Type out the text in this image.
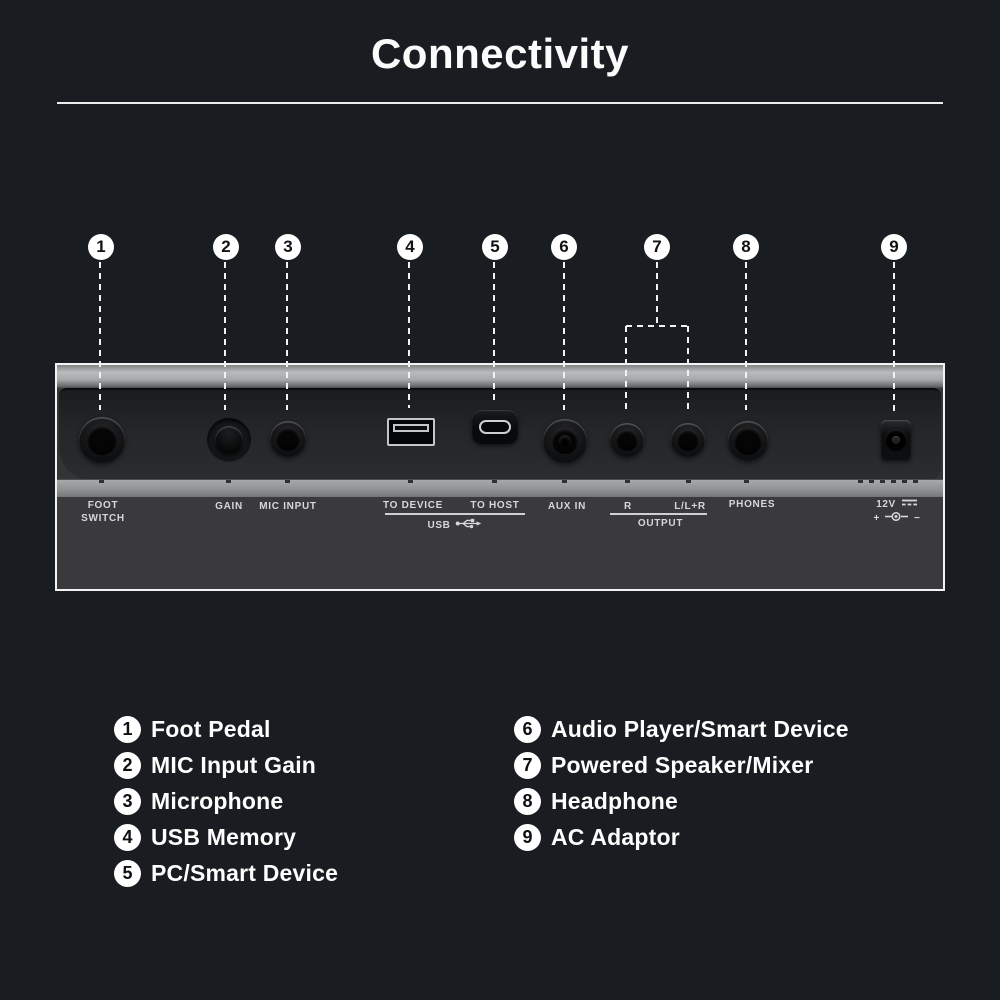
Connectivity
1	2	3	4	5	6	7	8	9
FOOT SWITCH
GAIN	MIC INPUT	TO DEVICE	TO HOST
USB
AUX IN	R	L/L+R
OUTPUT
PHONES	12V
+	−
1 Foot Pedal
2 MIC Input Gain
3 Microphone
4 USB Memory
5 PC/Smart Device
6 Audio Player/Smart Device
7 Powered Speaker/Mixer
8 Headphone
9 AC Adaptor
